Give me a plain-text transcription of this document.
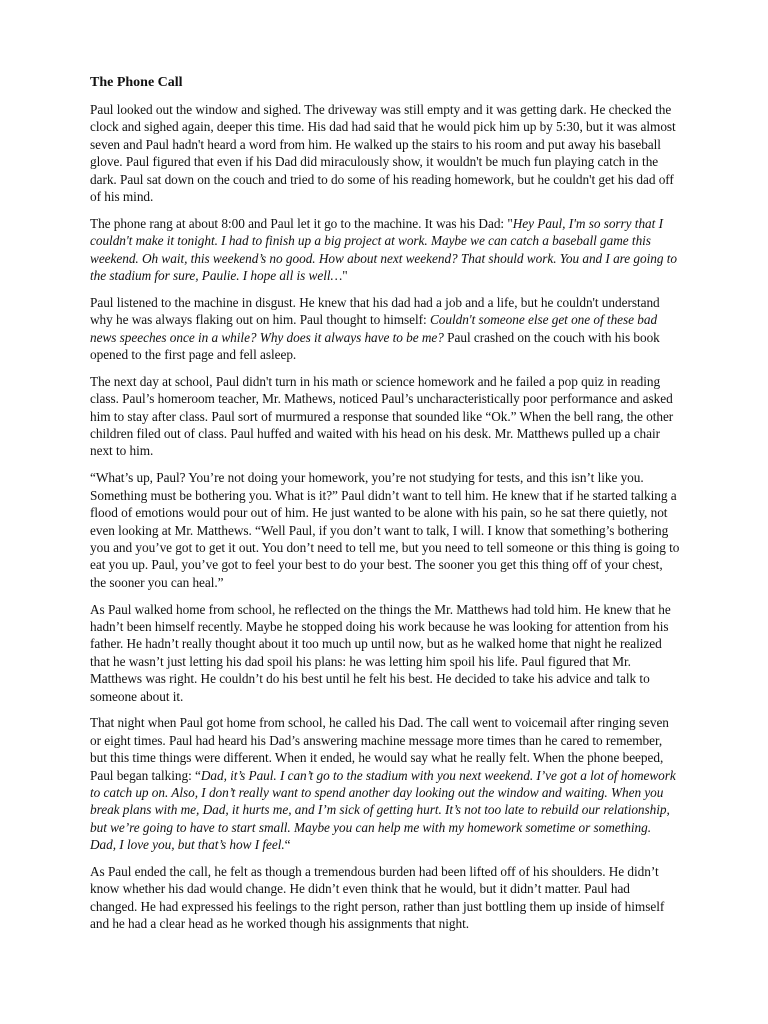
The Phone Call

Paul looked out the window and sighed. The driveway was still empty and it was getting dark. He checked the clock and sighed again, deeper this time. His dad had said that he would pick him up by 5:30, but it was almost seven and Paul hadn't heard a word from him. He walked up the stairs to his room and put away his baseball glove. Paul figured that even if his Dad did miraculously show, it wouldn't be much fun playing catch in the dark. Paul sat down on the couch and tried to do some of his reading homework, but he couldn't get his dad off of his mind.

The phone rang at about 8:00 and Paul let it go to the machine. It was his Dad: "Hey Paul, I'm so sorry that I couldn't make it tonight. I had to finish up a big project at work. Maybe we can catch a baseball game this weekend. Oh wait, this weekend’s no good. How about next weekend? That should work. You and I are going to the stadium for sure, Paulie. I hope all is well…"

Paul listened to the machine in disgust. He knew that his dad had a job and a life, but he couldn't understand why he was always flaking out on him. Paul thought to himself: Couldn't someone else get one of these bad news speeches once in a while? Why does it always have to be me? Paul crashed on the couch with his book opened to the first page and fell asleep.

The next day at school, Paul didn't turn in his math or science homework and he failed a pop quiz in reading class. Paul’s homeroom teacher, Mr. Mathews, noticed Paul’s uncharacteristically poor performance and asked him to stay after class. Paul sort of murmured a response that sounded like “Ok.” When the bell rang, the other children filed out of class. Paul huffed and waited with his head on his desk. Mr. Matthews pulled up a chair next to him.

“What’s up, Paul? You’re not doing your homework, you’re not studying for tests, and this isn’t like you. Something must be bothering you. What is it?” Paul didn’t want to tell him. He knew that if he started talking a flood of emotions would pour out of him. He just wanted to be alone with his pain, so he sat there quietly, not even looking at Mr. Matthews. “Well Paul, if you don’t want to talk, I will. I know that something’s bothering you and you’ve got to get it out. You don’t need to tell me, but you need to tell someone or this thing is going to eat you up. Paul, you’ve got to feel your best to do your best. The sooner you get this thing off of your chest, the sooner you can heal.”

As Paul walked home from school, he reflected on the things the Mr. Matthews had told him. He knew that he hadn’t been himself recently. Maybe he stopped doing his work because he was looking for attention from his father. He hadn’t really thought about it too much up until now, but as he walked home that night he realized that he wasn’t just letting his dad spoil his plans: he was letting him spoil his life. Paul figured that Mr. Matthews was right. He couldn’t do his best until he felt his best. He decided to take his advice and talk to someone about it.

That night when Paul got home from school, he called his Dad. The call went to voicemail after ringing seven or eight times. Paul had heard his Dad’s answering machine message more times than he cared to remember, but this time things were different. When it ended, he would say what he really felt. When the phone beeped, Paul began talking: “Dad, it’s Paul. I can’t go to the stadium with you next weekend. I’ve got a lot of homework to catch up on. Also, I don’t really want to spend another day looking out the window and waiting. When you break plans with me, Dad, it hurts me, and I’m sick of getting hurt. It’s not too late to rebuild our relationship, but we’re going to have to start small. Maybe you can help me with my homework sometime or something. Dad, I love you, but that’s how I feel.“

As Paul ended the call, he felt as though a tremendous burden had been lifted off of his shoulders. He didn’t know whether his dad would change. He didn’t even think that he would, but it didn’t matter. Paul had changed. He had expressed his feelings to the right person, rather than just bottling them up inside of himself and he had a clear head as he worked though his assignments that night.
